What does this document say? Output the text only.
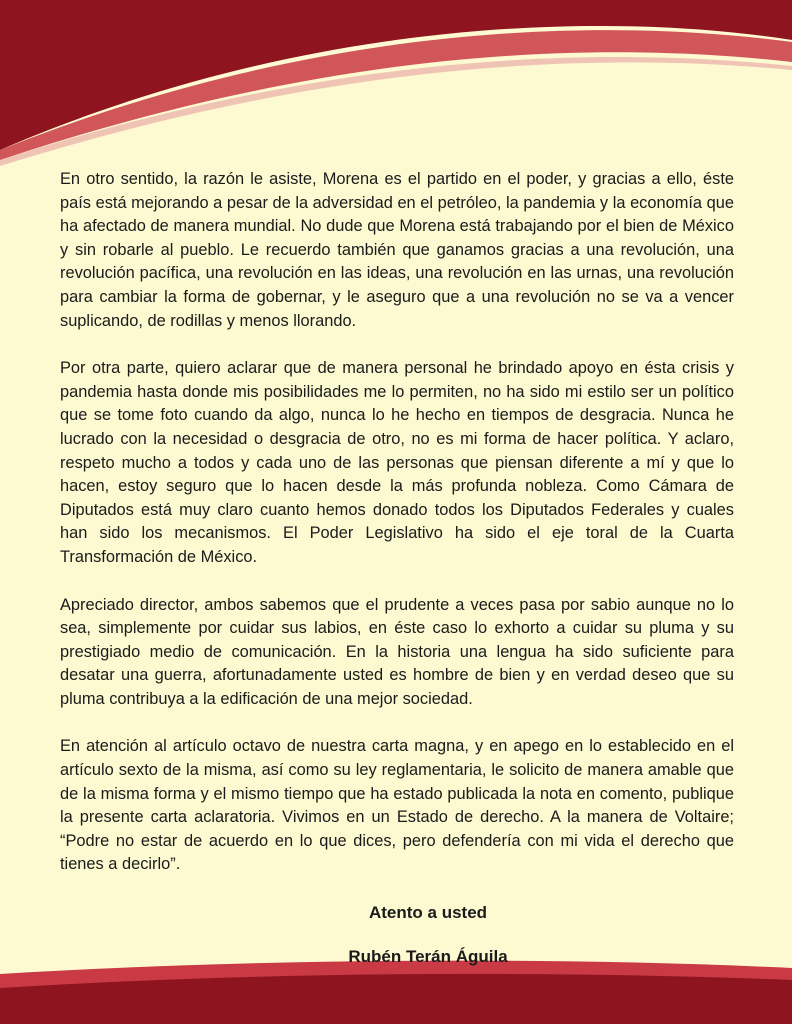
En otro sentido, la razón le asiste, Morena es el partido en el poder, y gracias a ello, éste país está mejorando a pesar de la adversidad en el petróleo, la pandemia y la economía que ha afectado de manera mundial. No dude que Morena está trabajando por el bien de México y sin robarle al pueblo. Le recuerdo también que ganamos gracias a una revolución, una revolución pacífica, una revolución en las ideas, una revolución en las urnas, una revolución para cambiar la forma de gobernar, y le aseguro que a una revolución no se va a vencer suplicando, de rodillas y menos llorando.

Por otra parte, quiero aclarar que de manera personal he brindado apoyo en ésta crisis y pandemia hasta donde mis posibilidades me lo permiten, no ha sido mi estilo ser un político que se tome foto cuando da algo, nunca lo he hecho en tiempos de desgracia. Nunca he lucrado con la necesidad o desgracia de otro, no es mi forma de hacer política. Y aclaro, respeto mucho a todos y cada uno de las personas que piensan diferente a mí y que lo hacen, estoy seguro que lo hacen desde la más profunda nobleza. Como Cámara de Diputados está muy claro cuanto hemos donado todos los Diputados Federales y cuales han sido los mecanismos. El Poder Legislativo ha sido el eje toral de la Cuarta Transformación de México.

Apreciado director, ambos sabemos que el prudente a veces pasa por sabio aunque no lo sea, simplemente por cuidar sus labios, en éste caso lo exhorto a cuidar su pluma y su prestigiado medio de comunicación. En la historia una lengua ha sido suficiente para desatar una guerra, afortunadamente usted es hombre de bien y en verdad deseo que su pluma contribuya a la edificación de una mejor sociedad.

En atención al artículo octavo de nuestra carta magna, y en apego en lo establecido en el artículo sexto de la misma, así como su ley reglamentaria, le solicito de manera amable que de la misma forma y el mismo tiempo que ha estado publicada la nota en comento, publique la presente carta aclaratoria. Vivimos en un Estado de derecho. A la manera de Voltaire; “Podre no estar de acuerdo en lo que dices, pero defendería con mi vida el derecho que tienes a decirlo”.

Atento a usted
Rubén Terán Águila
